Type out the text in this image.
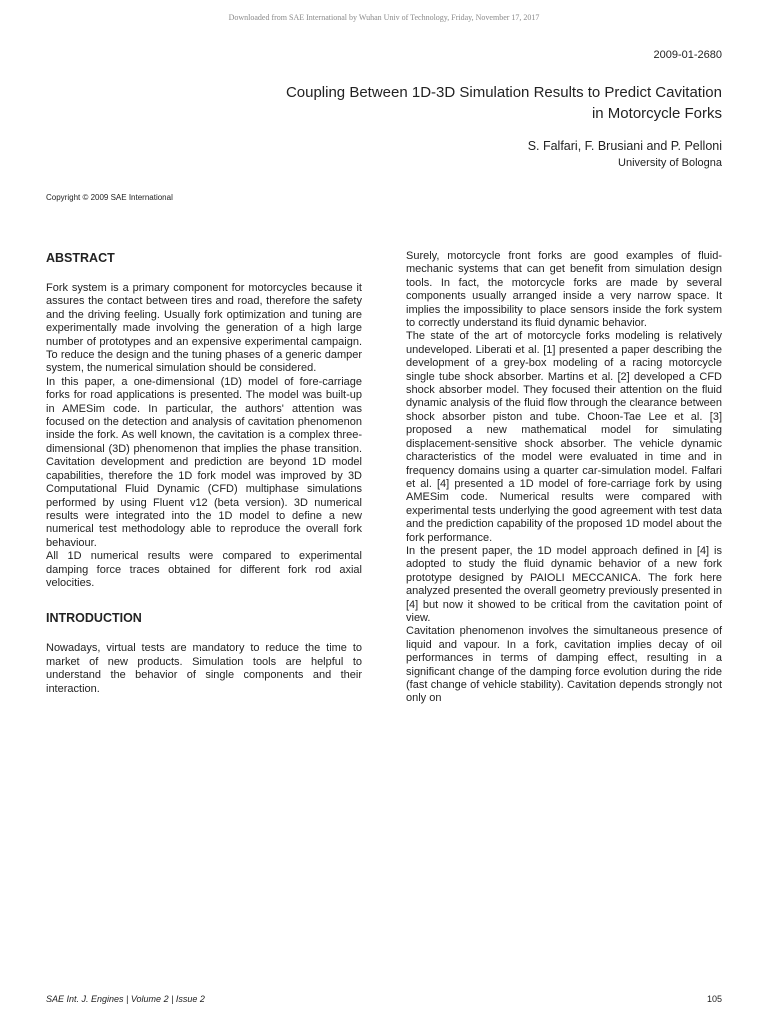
Downloaded from SAE International by Wuhan Univ of Technology, Friday, November 17, 2017
2009-01-2680
Coupling Between 1D-3D Simulation Results to Predict Cavitation
in Motorcycle Forks
S. Falfari, F. Brusiani and P. Pelloni
University of Bologna
Copyright © 2009 SAE International
ABSTRACT

Fork system is a primary component for motorcycles because it assures the contact between tires and road, therefore the safety and the driving feeling. Usually fork optimization and tuning are experimentally made involving the generation of a high large number of prototypes and an expensive experimental campaign. To reduce the design and the tuning phases of a generic damper system, the numerical simulation should be considered.

In this paper, a one-dimensional (1D) model of fore-carriage forks for road applications is presented. The model was built-up in AMESim code. In particular, the authors' attention was focused on the detection and analysis of cavitation phenomenon inside the fork. As well known, the cavitation is a complex three-dimensional (3D) phenomenon that implies the phase transition. Cavitation development and prediction are beyond 1D model capabilities, therefore the 1D fork model was improved by 3D Computational Fluid Dynamic (CFD) multiphase simulations performed by using Fluent v12 (beta version). 3D numerical results were integrated into the 1D model to define a new numerical test methodology able to reproduce the overall fork behaviour.

All 1D numerical results were compared to experimental damping force traces obtained for different fork rod axial velocities.

INTRODUCTION

Nowadays, virtual tests are mandatory to reduce the time to market of new products. Simulation tools are helpful to understand the behavior of single components and their interaction.

Surely, motorcycle front forks are good examples of fluid-mechanic systems that can get benefit from simulation design tools. In fact, the motorcycle forks are made by several components usually arranged inside a very narrow space. It implies the impossibility to place sensors inside the fork system to correctly understand its fluid dynamic behavior.

The state of the art of motorcycle forks modeling is relatively undeveloped. Liberati et al. [1] presented a paper describing the development of a grey-box modeling of a racing motorcycle single tube shock absorber. Martins et al. [2] developed a CFD shock absorber model. They focused their attention on the fluid dynamic analysis of the fluid flow through the clearance between shock absorber piston and tube. Choon-Tae Lee et al. [3] proposed a new mathematical model for simulating displacement-sensitive shock absorber. The vehicle dynamic characteristics of the model were evaluated in time and in frequency domains using a quarter car-simulation model. Falfari et al. [4] presented a 1D model of fore-carriage fork by using AMESim code. Numerical results were compared with experimental tests underlying the good agreement with test data and the prediction capability of the proposed 1D model about the fork performance.

In the present paper, the 1D model approach defined in [4] is adopted to study the fluid dynamic behavior of a new fork prototype designed by PAIOLI MECCANICA. The fork here analyzed presented the overall geometry previously presented in [4] but now it showed to be critical from the cavitation point of view.

Cavitation phenomenon involves the simultaneous presence of liquid and vapour. In a fork, cavitation implies decay of oil performances in terms of damping effect, resulting in a significant change of the damping force evolution during the ride (fast change of vehicle stability). Cavitation depends strongly not only on

SAE Int. J. Engines | Volume 2 | Issue 2	105
